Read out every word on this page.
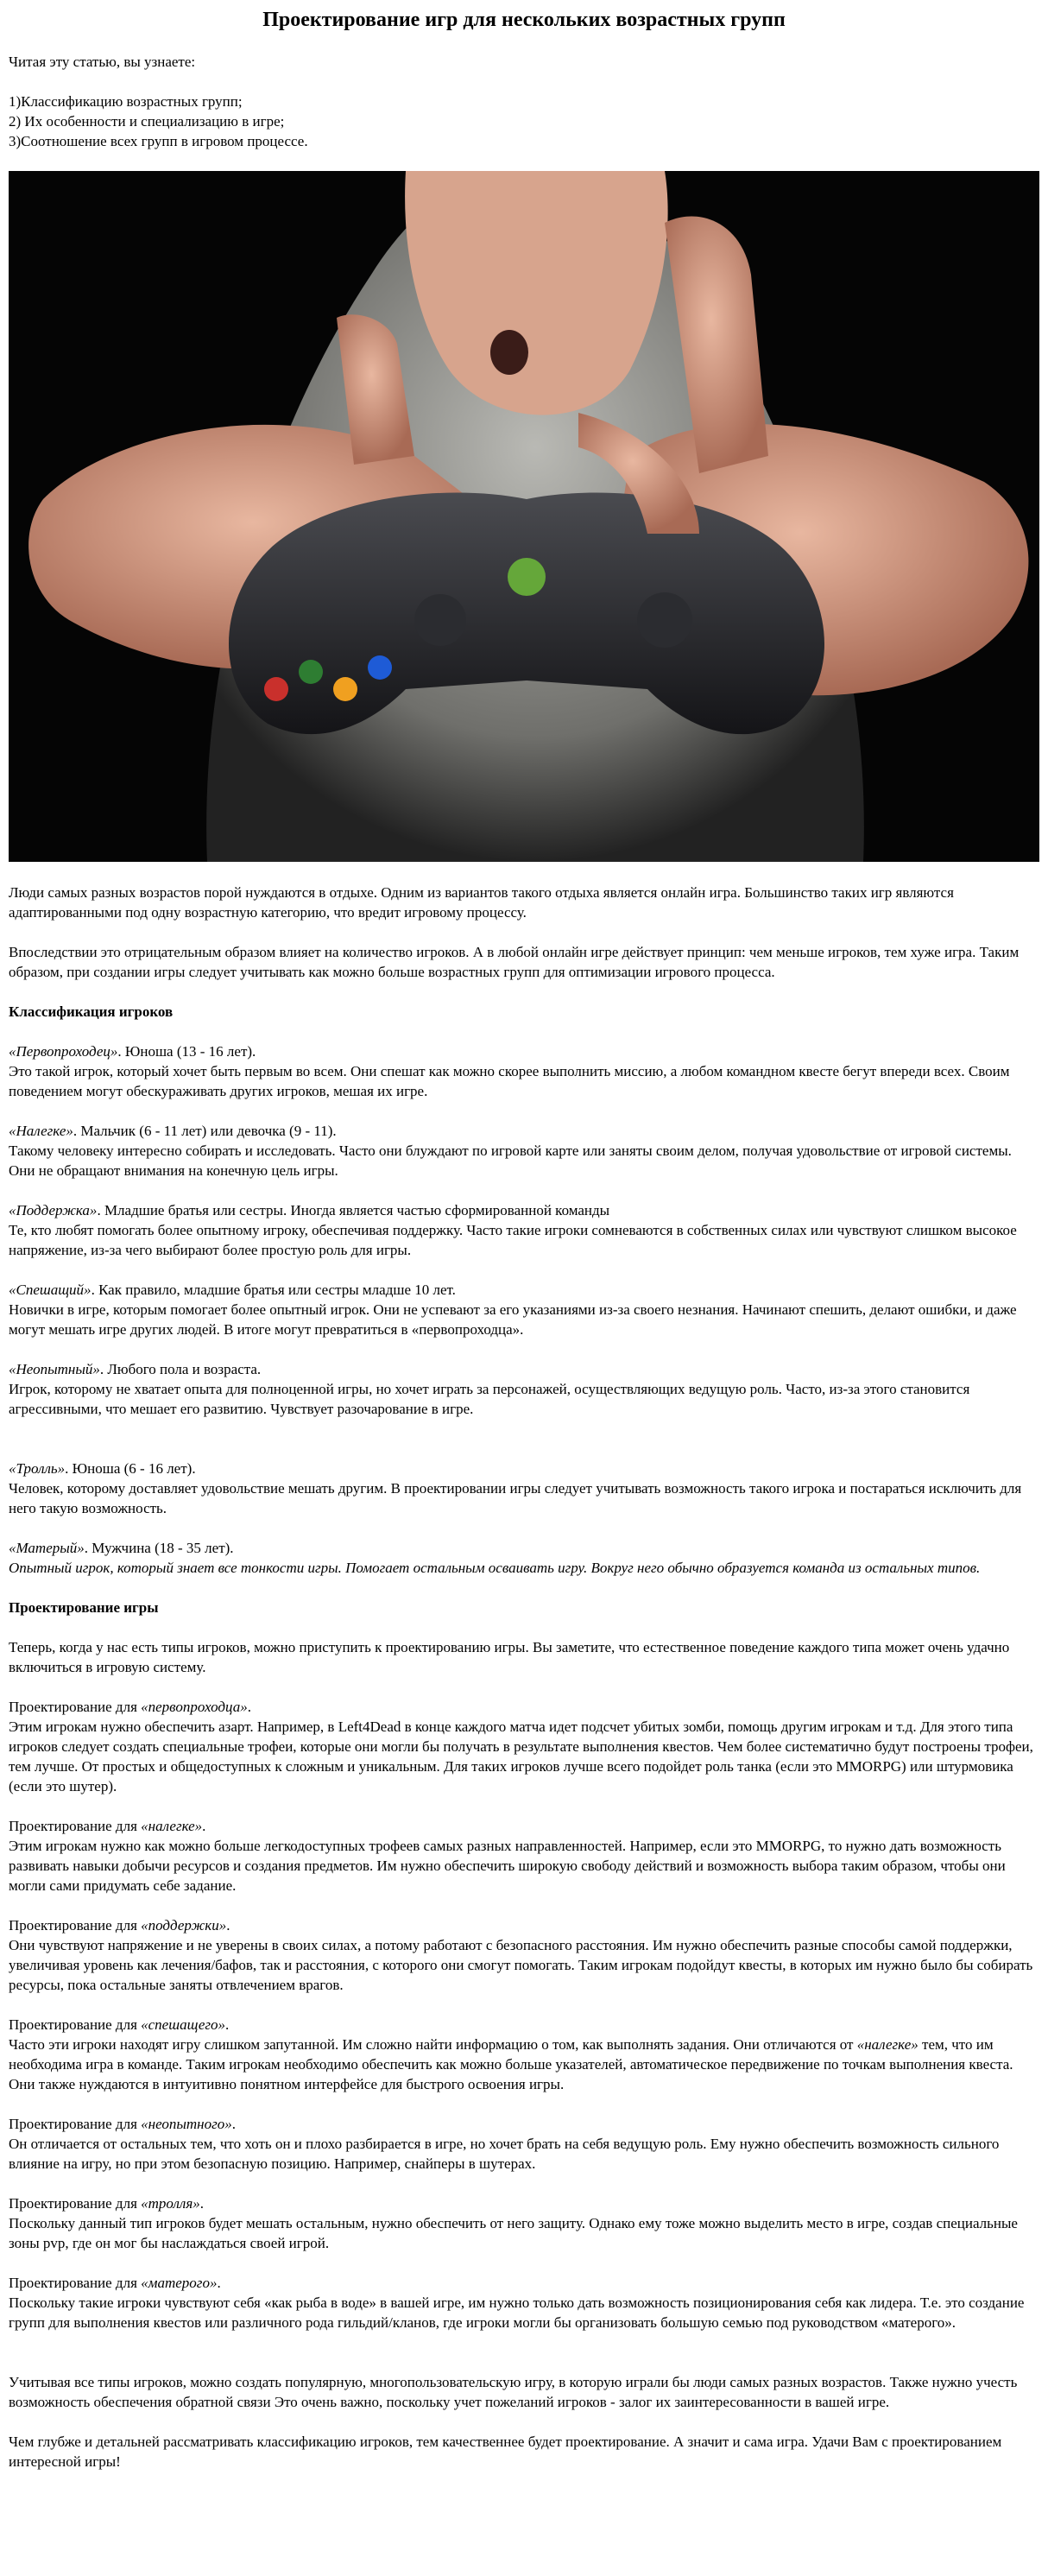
Проектирование игр для нескольких возрастных групп
Читая эту статью, вы узнаете:
1)Классификацию возрастных групп;
2) Их особенности и специализацию в игре;
3)Соотношение всех групп в игровом процессе.

Люди самых разных возрастов порой нуждаются в отдыхе. Одним из вариантов такого отдыха является онлайн игра. Большинство таких игр являются адаптированными под одну возрастную категорию, что вредит игровому процессу.

Впоследствии это отрицательным образом влияет на количество игроков. А в любой онлайн игре действует принцип: чем меньше игроков, тем хуже игра. Таким образом, при создании игры следует учитывать как можно больше возрастных групп для оптимизации игрового процесса.

Классификация игроков

«Первопроходец». Юноша (13 - 16 лет).
Это такой игрок, который хочет быть первым во всем. Они спешат как можно скорее выполнить миссию, а любом командном квесте бегут впереди всех. Своим поведением могут обескураживать других игроков, мешая их игре.

«Налегке». Мальчик (6 - 11 лет) или девочка (9 - 11).
Такому человеку интересно собирать и исследовать. Часто они блуждают по игровой карте или заняты своим делом, получая удовольствие от игровой системы. Они не обращают внимания на конечную цель игры.

«Поддержка». Младшие братья или сестры. Иногда является частью сформированной команды
Те, кто любят помогать более опытному игроку, обеспечивая поддержку. Часто такие игроки сомневаются в собственных силах или чувствуют слишком высокое напряжение, из-за чего выбирают более простую роль для игры.

«Спешащий». Как правило, младшие братья или сестры младше 10 лет.
Новички в игре, которым помогает более опытный игрок. Они не успевают за его указаниями из-за своего незнания. Начинают спешить, делают ошибки, и даже могут мешать игре других людей. В итоге могут превратиться в «первопроходца».

«Неопытный». Любого пола и возраста.
Игрок, которому не хватает опыта для полноценной игры, но хочет играть за персонажей, осуществляющих ведущую роль. Часто, из-за этого становится агрессивными, что мешает его развитию. Чувствует разочарование в игре.

«Тролль». Юноша (6 - 16 лет).
Человек, которому доставляет удовольствие мешать другим. В проектировании игры следует учитывать возможность такого игрока и постараться исключить для него такую возможность.

«Матерый». Мужчина (18 - 35 лет).
Опытный игрок, который знает все тонкости игры. Помогает остальным осваивать игру. Вокруг него обычно образуется команда из остальных типов.

Проектирование игры

Теперь, когда у нас есть типы игроков, можно приступить к проектированию игры. Вы заметите, что естественное поведение каждого типа может очень удачно включиться в игровую систему.

Проектирование для «первопроходца».
Этим игрокам нужно обеспечить азарт. Например, в Left4Dead в конце каждого матча идет подсчет убитых зомби, помощь другим игрокам и т.д. Для этого типа игроков следует создать специальные трофеи, которые они могли бы получать в результате выполнения квестов. Чем более систематично будут построены трофеи, тем лучше. От простых и общедоступных к сложным и уникальным. Для таких игроков лучше всего подойдет роль танка (если это MMORPG) или штурмовика (если это шутер).

Проектирование для «налегке».
Этим игрокам нужно как можно больше легкодоступных трофеев самых разных направленностей. Например, если это MMORPG, то нужно дать возможность развивать навыки добычи ресурсов и создания предметов. Им нужно обеспечить широкую свободу действий и возможность выбора таким образом, чтобы они могли сами придумать себе задание.

Проектирование для «поддержки».
Они чувствуют напряжение и не уверены в своих силах, а потому работают с безопасного расстояния. Им нужно обеспечить разные способы самой поддержки, увеличивая уровень как лечения/бафов, так и расстояния, с которого они смогут помогать. Таким игрокам подойдут квесты, в которых им нужно было бы собирать ресурсы, пока остальные заняты отвлечением врагов.

Проектирование для «спешащего».
Часто эти игроки находят игру слишком запутанной. Им сложно найти информацию о том, как выполнять задания. Они отличаются от «налегке» тем, что им необходима игра в команде. Таким игрокам необходимо обеспечить как можно больше указателей, автоматическое передвижение по точкам выполнения квеста. Они также нуждаются в интуитивно понятном интерфейсе для быстрого освоения игры.

Проектирование для «неопытного».
Он отличается от остальных тем, что хоть он и плохо разбирается в игре, но хочет брать на себя ведущую роль. Ему нужно обеспечить возможность сильного влияние на игру, но при этом безопасную позицию. Например, снайперы в шутерах.

Проектирование для «тролля».
Поскольку данный тип игроков будет мешать остальным, нужно обеспечить от него защиту. Однако ему тоже можно выделить место в игре, создав специальные зоны pvp, где он мог бы наслаждаться своей игрой.

Проектирование для «матерого».
Поскольку такие игроки чувствуют себя «как рыба в воде» в вашей игре, им нужно только дать возможность позиционирования себя как лидера. Т.е. это создание групп для выполнения квестов или различного рода гильдий/кланов, где игроки могли бы организовать большую семью под руководством «матерого».

Учитывая все типы игроков, можно создать популярную, многопользовательскую игру, в которую играли бы люди самых разных возрастов. Также нужно учесть возможность обеспечения обратной связи Это очень важно, поскольку учет пожеланий игроков - залог их заинтересованности в вашей игре.

Чем глубже и детальней рассматривать классификацию игроков, тем качественнее будет проектирование. А значит и сама игра. Удачи Вам с проектированием интересной игры!
